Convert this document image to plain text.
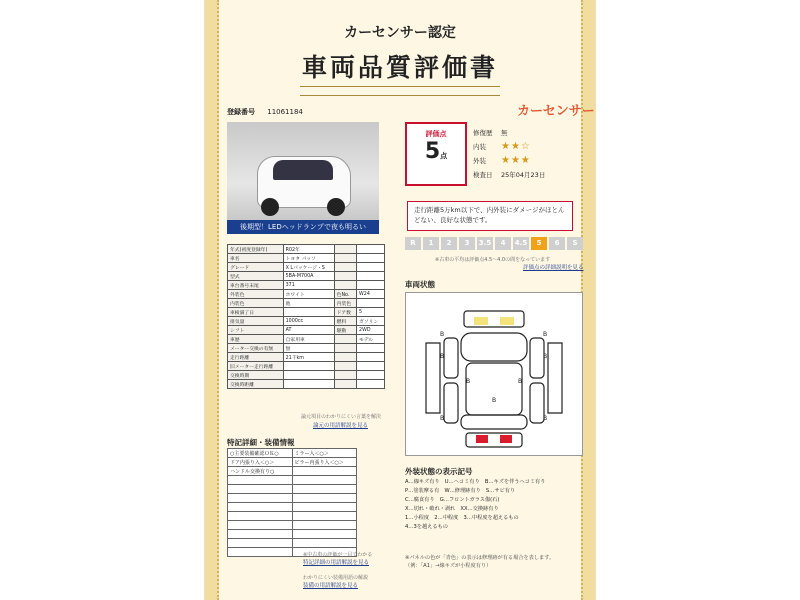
カーセンサー認定
車両品質評価書
登録番号 11061184	カーセンサー
後期型！LEDヘッドランプで夜も明るい
評価点
5点
修復歴 無
内装 ★★☆
外装 ★★★
検査日 25年04月23日
走行距離5万km以下で、内外装にダメージがほとんどない、良好な状態です。
R	1	2	3	3.5	4	4.5	5	6	S
※古車の平均は評価点4.5〜4.0の間をなっています
評価点の詳細説明を見る
年式(初度登録年)	R02年		
車名	トヨタ パッソ		
グレード	X Lパッケージ・S		
型式	5BA-M700A		
車台番号末尾	371		
外装色	ホワイト	色No.	W24
内装色	他	内装色	
車検満了日		ドア数	5
排気量	1000cc	燃料	ガソリン
シフト	AT	駆動	2WD
車歴	自家用車		モデル
メーター交換の有無	無		
走行距離	21千km		
旧メーター走行距離			
交換時期			
交換時距離			
論元項目のわかりにくい言葉を解決
論元の用語解説を見る
特記詳細・装備情報
○主要装備確認ＯＫ○	ミラー入＜○＞
ドア内張り入＜○＞	ピラー内張り入＜○＞
ハンドル交換有り○	

※中古車の評価が一目でわかる
特記詳細の用語解説を見る
わかりにくい装備用語の解説
装備の用語解説を見る
車両状態
B	B
B	B
B	B
B	B
B
外装状態の表示記号
A…線キズ有り　U…ヘコミ有り　B…キズを伴うヘコミ有り
P…塗装摩る有　W…修理跡有り　S…サビ有り
C…腐食有り　G…フロントガラス傷(石)
X…切れ・破れ・剥れ　XX…交換跡有り
1…小程度　2…中程度　3…中程度を超えるもの
4…3を越えるもの
※パネルの色が「青色」の表示は修理跡が有る場合を表します。
（例：「A1」→線キズが小程度有り）
